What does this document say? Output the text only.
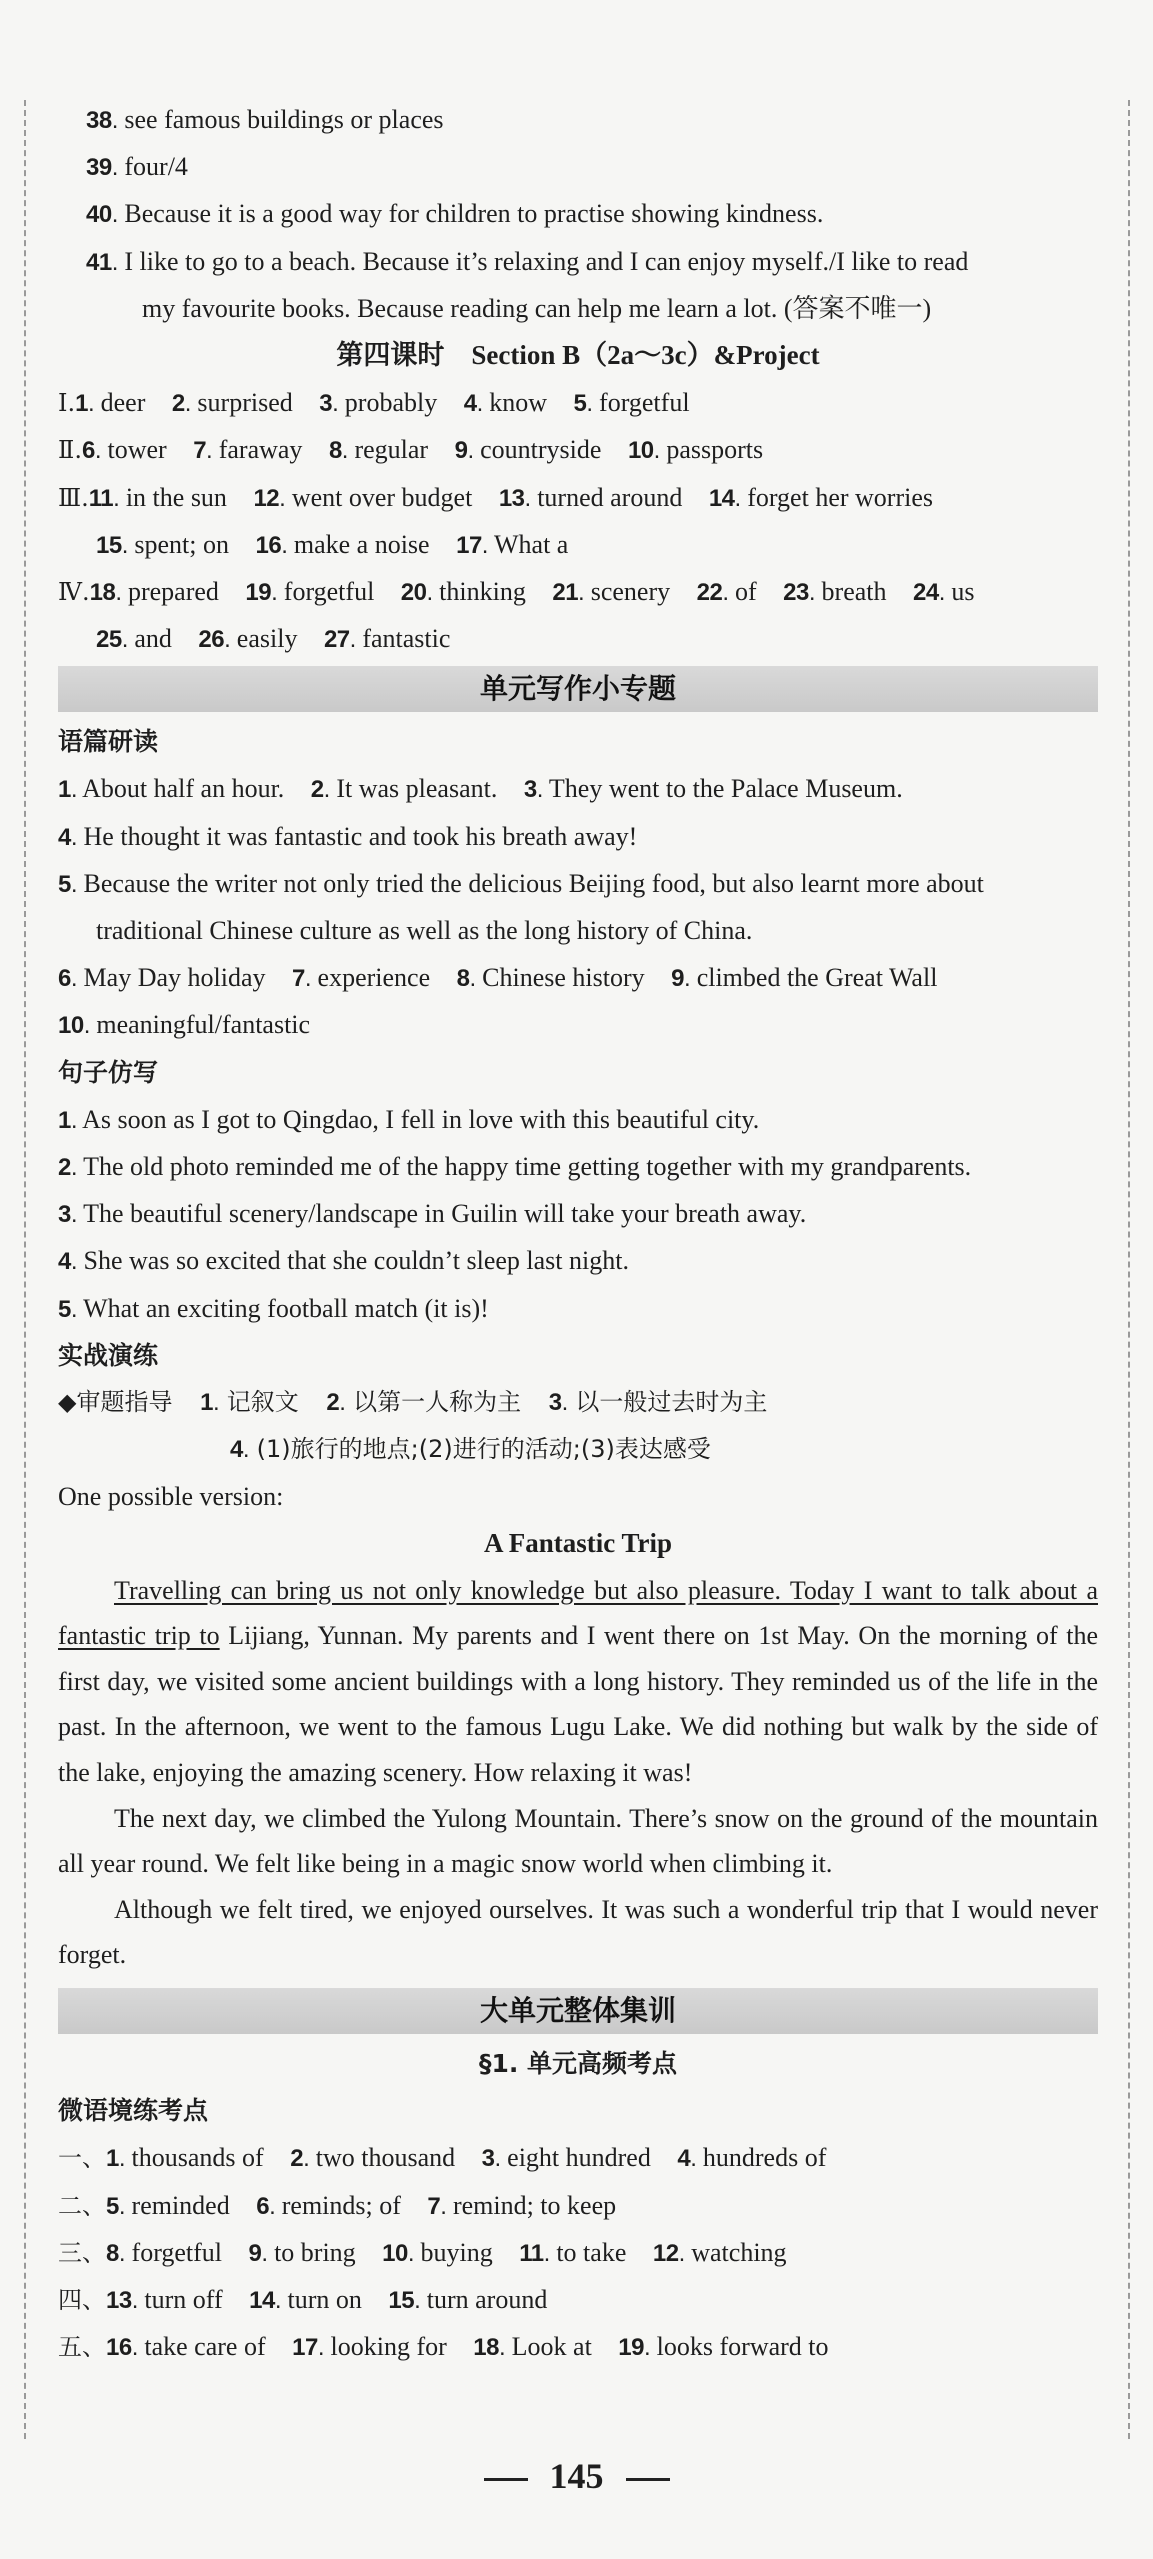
38 . see famous buildings or places
39 . four/4
40 . Because it is a good way for children to practise showing kindness.
41 . I like to go to a beach. Because it’s relaxing and I can enjoy myself./I like to read
my favourite books. Because reading can help me learn a lot. (答案不唯一)
第四课时    Section B（2a～3c）&Project
Ⅰ.1 . deer 2 . surprised 3 . probably 4 . know 5 . forgetful
Ⅱ.6 . tower 7 . faraway 8 . regular 9 . countryside 10 . passports
Ⅲ.11 . in the sun 12 . went over budget 13 . turned around 14 . forget her worries
15 . spent; on 16 . make a noise 17 . What a
Ⅳ.18 . prepared 19 . forgetful 20 . thinking 21 . scenery 22 . of 23 . breath 24 . us
25 . and 26 . easily 27 . fantastic
单元写作小专题
语篇研读
1 . About half an hour. 2 . It was pleasant. 3 . They went to the Palace Museum.
4 . He thought it was fantastic and took his breath away!
5 . Because the writer not only tried the delicious Beijing food, but also learnt more about
traditional Chinese culture as well as the long history of China.
6 . May Day holiday 7 . experience 8 . Chinese history 9 . climbed the Great Wall
10 . meaningful/fantastic
句子仿写
1 . As soon as I got to Qingdao, I fell in love with this beautiful city.
2 . The old photo reminded me of the happy time getting together with my grandparents.
3 . The beautiful scenery/landscape in Guilin will take your breath away.
4 . She was so excited that she couldn’t sleep last night.
5 . What an exciting football match (it is)!
实战演练
◆审题指导 1 . 记叙文 2 . 以第一人称为主 3 . 以一般过去时为主
4 . (1)旅行的地点;(2)进行的活动;(3)表达感受
One possible version:
A Fantastic Trip

Travelling can bring us not only knowledge but also pleasure. Today I want to talk about a fantastic trip to Lijiang, Yunnan. My parents and I went there on 1st May. On the morning of the first day, we visited some ancient buildings with a long history. They reminded us of the life in the past. In the afternoon, we went to the famous Lugu Lake. We did nothing but walk by the side of the lake, enjoying the amazing scenery. How relaxing it was!

The next day, we climbed the Yulong Mountain. There’s snow on the ground of the mountain all year round. We felt like being in a magic snow world when climbing it.

Although we felt tired, we enjoyed ourselves. It was such a wonderful trip that I would never forget.

大单元整体集训
§1. 单元高频考点
微语境练考点
一、1 . thousands of 2 . two thousand 3 . eight hundred 4 . hundreds of
二、5 . reminded 6 . reminds; of 7 . remind; to keep
三、8 . forgetful 9 . to bring 10 . buying 11 . to take 12 . watching
四、13 . turn off 14 . turn on 15 . turn around
五、16 . take care of 17 . looking for 18 . Look at 19 . looks forward to
145
